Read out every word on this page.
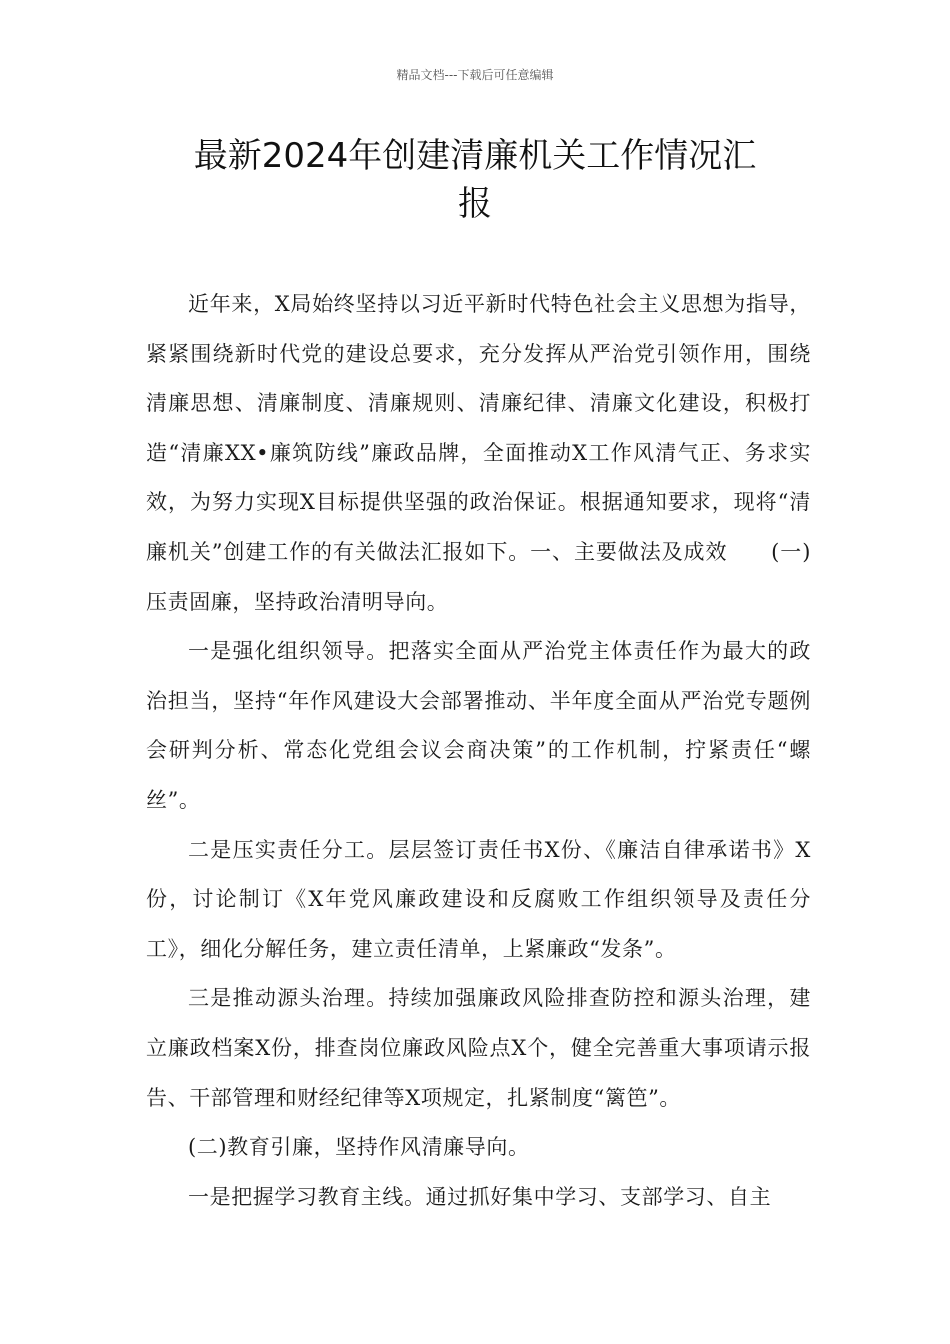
精品文档---下载后可任意编辑
最新2024年创建清廉机关工作情况汇
报

近年来，X局始终坚持以习近平新时代特色社会主义思想为指导，紧紧围绕新时代党的建设总要求，充分发挥从严治党引领作用，围绕清廉思想、清廉制度、清廉规则、清廉纪律、清廉文化建设，积极打造“清廉XX•廉筑防线”廉政品牌，全面推动X工作风清气正、务求实效，为努力实现X目标提供坚强的政治保证。根据通知要求，现将“清廉机关”创建工作的有关做法汇报如下。一、主要做法及成效　　(一)压责固廉，坚持政治清明导向。

一是强化组织领导。把落实全面从严治党主体责任作为最大的政治担当，坚持“年作风建设大会部署推动、半年度全面从严治党专题例会研判分析、常态化党组会议会商决策”的工作机制，拧紧责任“螺丝”。

二是压实责任分工。层层签订责任书X份、《廉洁自律承诺书》X份，讨论制订《X年党风廉政建设和反腐败工作组织领导及责任分工》，细化分解任务，建立责任清单，上紧廉政“发条”。

三是推动源头治理。持续加强廉政风险排查防控和源头治理，建立廉政档案X份，排查岗位廉政风险点X个，健全完善重大事项请示报告、干部管理和财经纪律等X项规定，扎紧制度“篱笆”。

(二)教育引廉，坚持作风清廉导向。

一是把握学习教育主线。通过抓好集中学习、支部学习、自主
